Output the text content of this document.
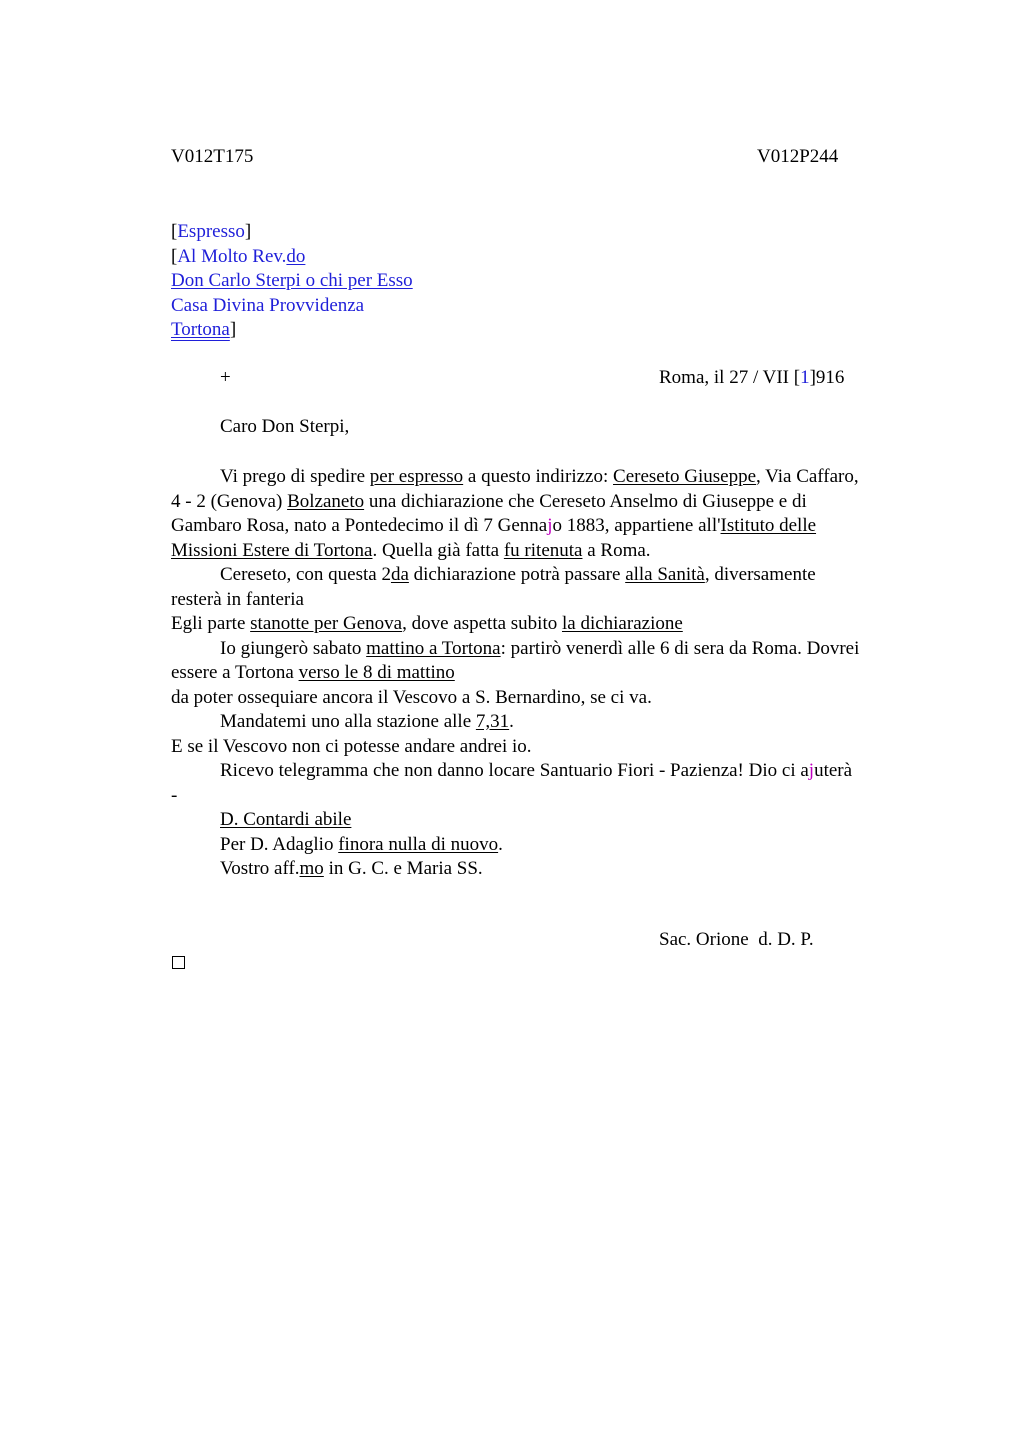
V012T175	V012P244
[Espresso]
[Al Molto Rev.do
Don Carlo Sterpi o chi per Esso
Casa Divina Provvidenza
Tortona]
+	Roma, il 27 / VII [1]916
Caro Don Sterpi,

Vi prego di spedire per espresso a questo indirizzo: Cereseto Giuseppe, Via Caffaro, 4 - 2 (Genova) Bolzaneto una dichiarazione che Cereseto Anselmo di Giuseppe e di Gambaro Rosa, nato a Pontedecimo il dì 7 Gennajo 1883, appartiene all'Istituto delle Missioni Estere di Tortona. Quella già fatta fu ritenuta a Roma.

Cereseto, con questa 2da dichiarazione potrà passare alla Sanità, diversamente resterà in fanteria

Egli parte stanotte per Genova, dove aspetta subito la dichiarazione

Io giungerò sabato mattino a Tortona: partirò venerdì alle 6 di sera da Roma. Dovrei essere a Tortona verso le 8 di mattino

da poter ossequiare ancora il Vescovo a S. Bernardino, se ci va.

Mandatemi uno alla stazione alle 7,31.

E se il Vescovo non ci potesse andare andrei io.

Ricevo telegramma che non danno locare Santuario Fiori - Pazienza! Dio ci ajuterà -

D. Contardi abile

Per D. Adaglio finora nulla di nuovo.

Vostro aff.mo in G. C. e Maria SS.

Sac. Orione  d. D. P.
